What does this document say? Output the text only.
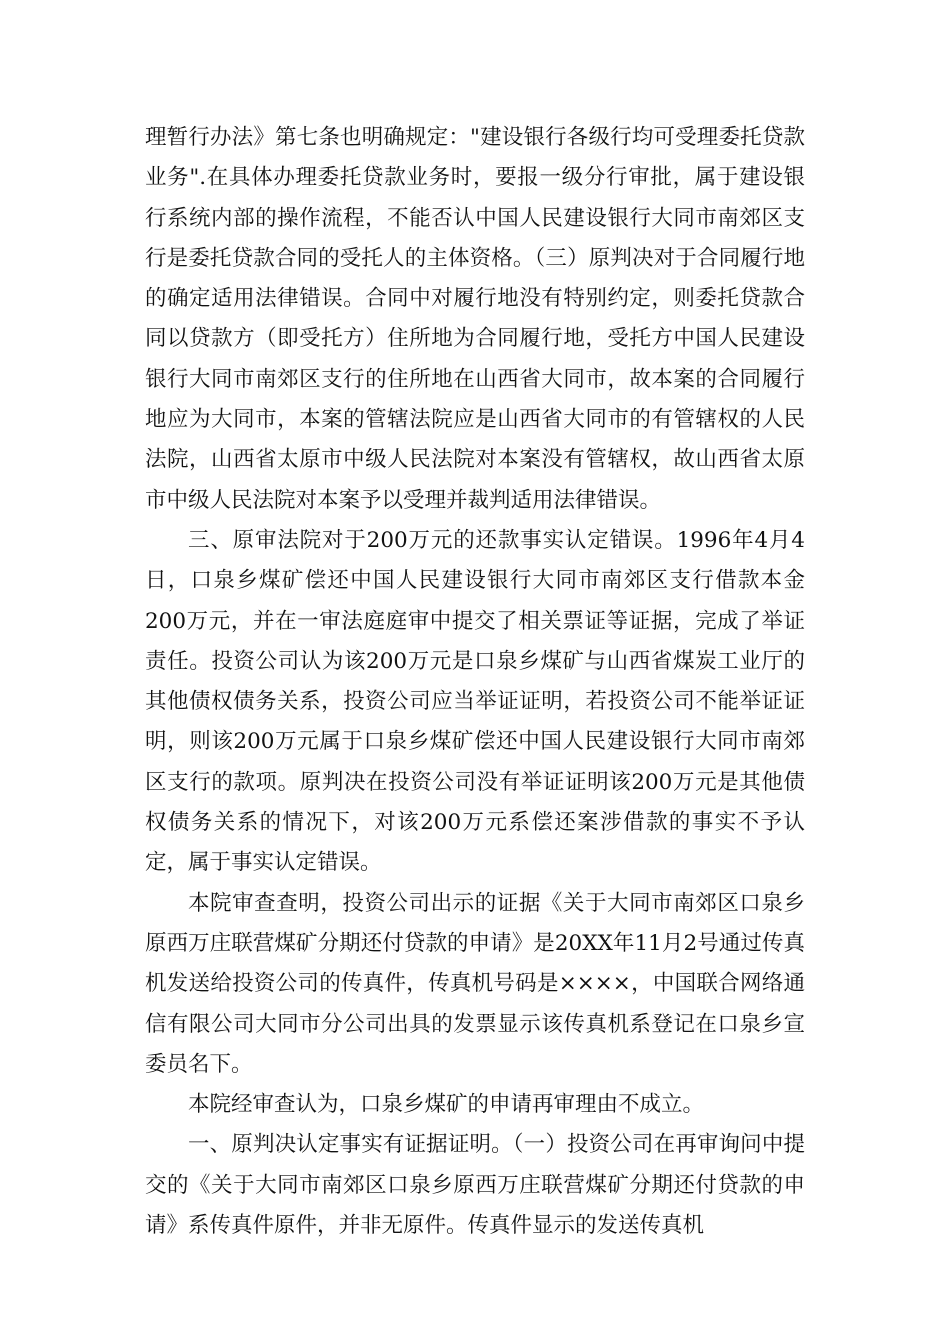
理暂行办法》第七条也明确规定："建设银行各级行均可受理委托贷款业务".在具体办理委托贷款业务时，要报一级分行审批，属于建设银行系统内部的操作流程，不能否认中国人民建设银行大同市南郊区支行是委托贷款合同的受托人的主体资格。（三）原判决对于合同履行地的确定适用法律错误。合同中对履行地没有特别约定，则委托贷款合同以贷款方（即受托方）住所地为合同履行地，受托方中国人民建设银行大同市南郊区支行的住所地在山西省大同市，故本案的合同履行地应为大同市，本案的管辖法院应是山西省大同市的有管辖权的人民法院，山西省太原市中级人民法院对本案没有管辖权，故山西省太原市中级人民法院对本案予以受理并裁判适用法律错误。

三、原审法院对于200万元的还款事实认定错误。1996年4月4日，口泉乡煤矿偿还中国人民建设银行大同市南郊区支行借款本金200万元，并在一审法庭庭审中提交了相关票证等证据，完成了举证责任。投资公司认为该200万元是口泉乡煤矿与山西省煤炭工业厅的其他债权债务关系，投资公司应当举证证明，若投资公司不能举证证明，则该200万元属于口泉乡煤矿偿还中国人民建设银行大同市南郊区支行的款项。原判决在投资公司没有举证证明该200万元是其他债权债务关系的情况下，对该200万元系偿还案涉借款的事实不予认定，属于事实认定错误。

本院审查查明，投资公司出示的证据《关于大同市南郊区口泉乡原西万庄联营煤矿分期还付贷款的申请》是20XX年11月2号通过传真机发送给投资公司的传真件，传真机号码是××××，中国联合网络通信有限公司大同市分公司出具的发票显示该传真机系登记在口泉乡宣委员名下。

本院经审查认为，口泉乡煤矿的申请再审理由不成立。

一、原判决认定事实有证据证明。（一）投资公司在再审询问中提交的《关于大同市南郊区口泉乡原西万庄联营煤矿分期还付贷款的申请》系传真件原件，并非无原件。传真件显示的发送传真机
